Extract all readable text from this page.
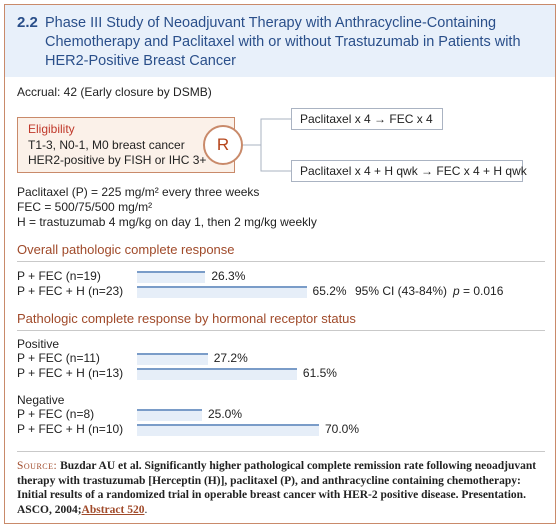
2.2 Phase III Study of Neoadjuvant Therapy with Anthracycline-Containing Chemotherapy and Paclitaxel with or without Trastuzumab in Patients with HER2-Positive Breast Cancer
Accrual: 42 (Early closure by DSMB)
Eligibility
T1-3, N0-1, M0 breast cancer
HER2-positive by FISH or IHC 3+
R
Paclitaxel x 4 → FEC x 4
Paclitaxel x 4 + H qwk → FEC x 4 + H qwk
Paclitaxel (P) = 225 mg/m² every three weeks
FEC = 500/75/500 mg/m²
H = trastuzumab 4 mg/kg on day 1, then 2 mg/kg weekly
Overall pathologic complete response
P + FEC (n=19)	26.3%
P + FEC + H (n=23)	65.2% 95% CI (43-84%) p = 0.016
Pathologic complete response by hormonal receptor status
Positive
P + FEC (n=11)	27.2%
P + FEC + H (n=13)	61.5%
Negative
P + FEC (n=8)	25.0%
P + FEC + H (n=10)	70.0%
Source: Buzdar AU et al. Significantly higher pathological complete remission rate following neoadjuvant therapy with trastuzumab [Herceptin (H)], paclitaxel (P), and anthracycline containing chemotherapy: Initial results of a randomized trial in operable breast cancer with HER-2 positive disease. Presentation. ASCO, 2004;Abstract 520.
